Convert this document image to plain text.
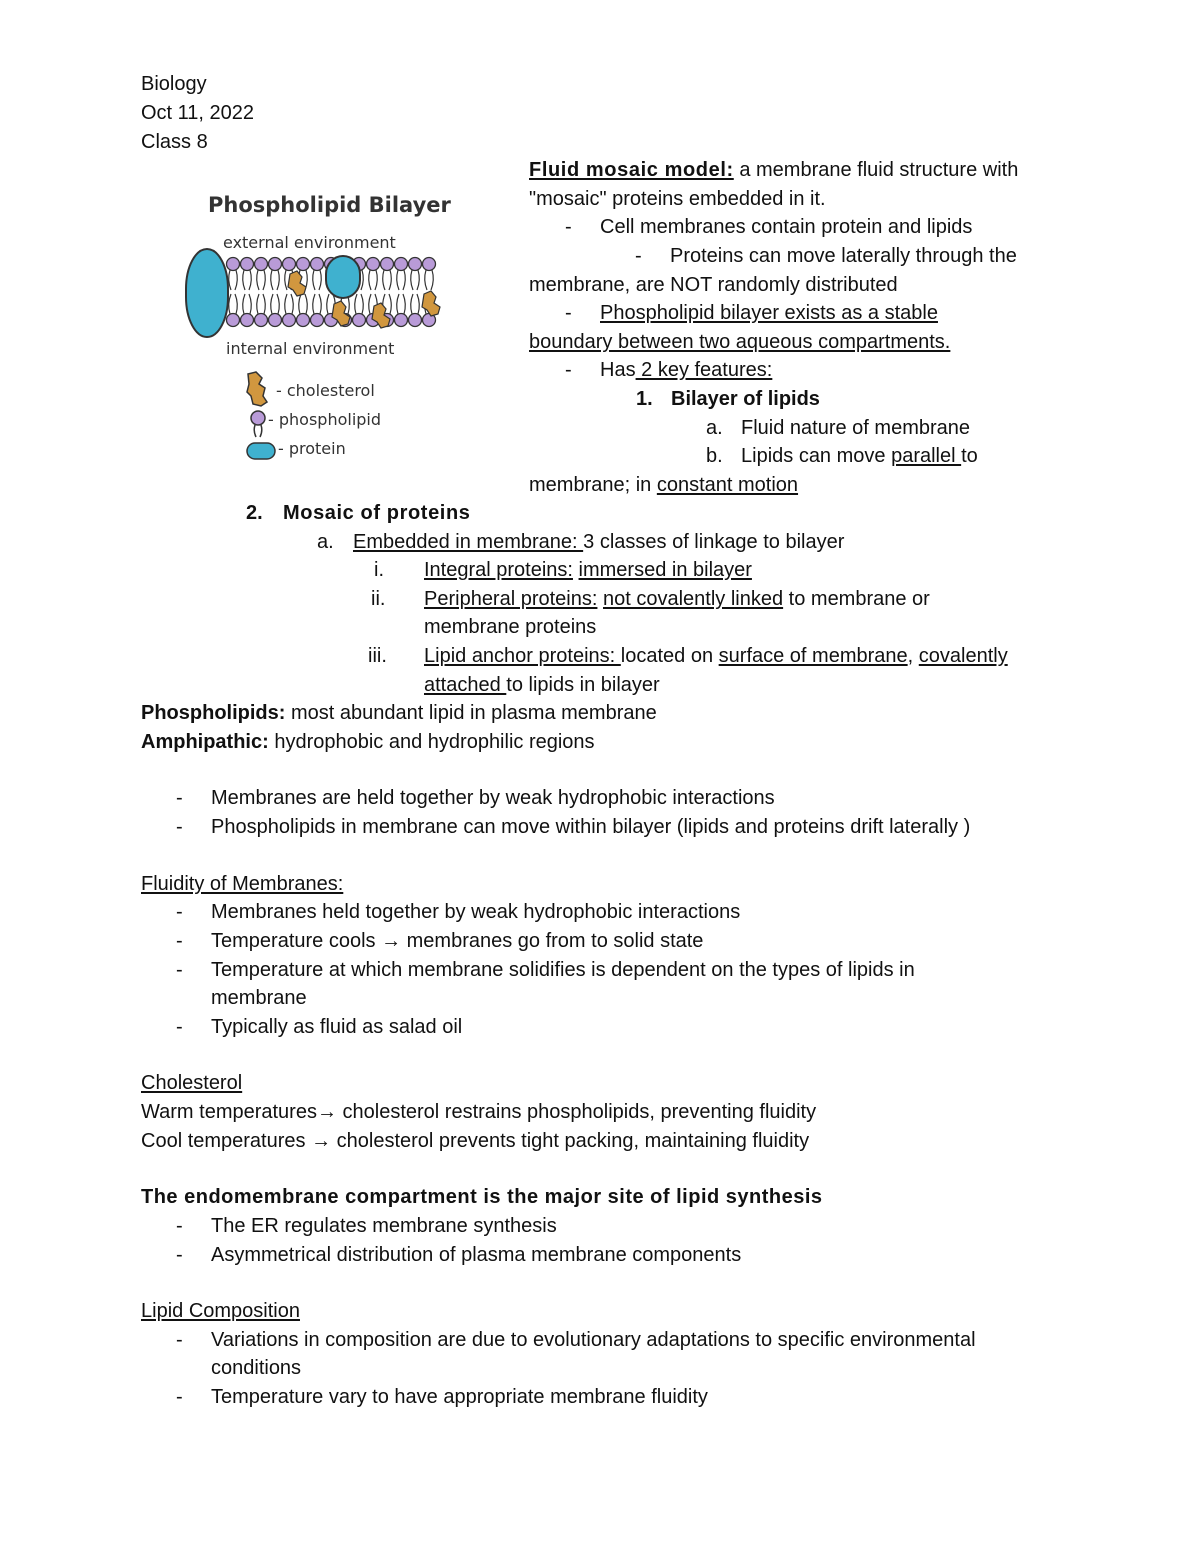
Biology
Oct 11, 2022
Class 8
Phospholipid Bilayer
external environment
internal environment
- cholesterol
- phospholipid
- protein
Fluid mosaic model: a membrane fluid structure with
"mosaic" proteins embedded in it.
- Cell membranes contain protein and lipids
- Proteins can move laterally through the
membrane, are NOT randomly distributed
- Phospholipid bilayer exists as a stable
boundary between two aqueous compartments.
- Has 2 key features:
1. Bilayer of lipids
a. Fluid nature of membrane
b. Lipids can move parallel to
membrane; in constant motion
2. Mosaic of proteins
a. Embedded in membrane: 3 classes of linkage to bilayer
i. Integral proteins: immersed in bilayer
ii. Peripheral proteins: not covalently linked to membrane or
membrane proteins
iii. Lipid anchor proteins: located on surface of membrane, covalently
attached to lipids in bilayer
Phospholipids: most abundant lipid in plasma membrane
Amphipathic: hydrophobic and hydrophilic regions
- Membranes are held together by weak hydrophobic interactions
- Phospholipids in membrane can move within bilayer (lipids and proteins drift laterally )
Fluidity of Membranes:
- Membranes held together by weak hydrophobic interactions
- Temperature cools → membranes go from to solid state
- Temperature at which membrane solidifies is dependent on the types of lipids in
membrane
- Typically as fluid as salad oil
Cholesterol
Warm temperatures→ cholesterol restrains phospholipids, preventing fluidity
Cool temperatures → cholesterol prevents tight packing, maintaining fluidity
The endomembrane compartment is the major site of lipid synthesis
- The ER regulates membrane synthesis
- Asymmetrical distribution of plasma membrane components
Lipid Composition
- Variations in composition are due to evolutionary adaptations to specific environmental
conditions
- Temperature vary to have appropriate membrane fluidity
